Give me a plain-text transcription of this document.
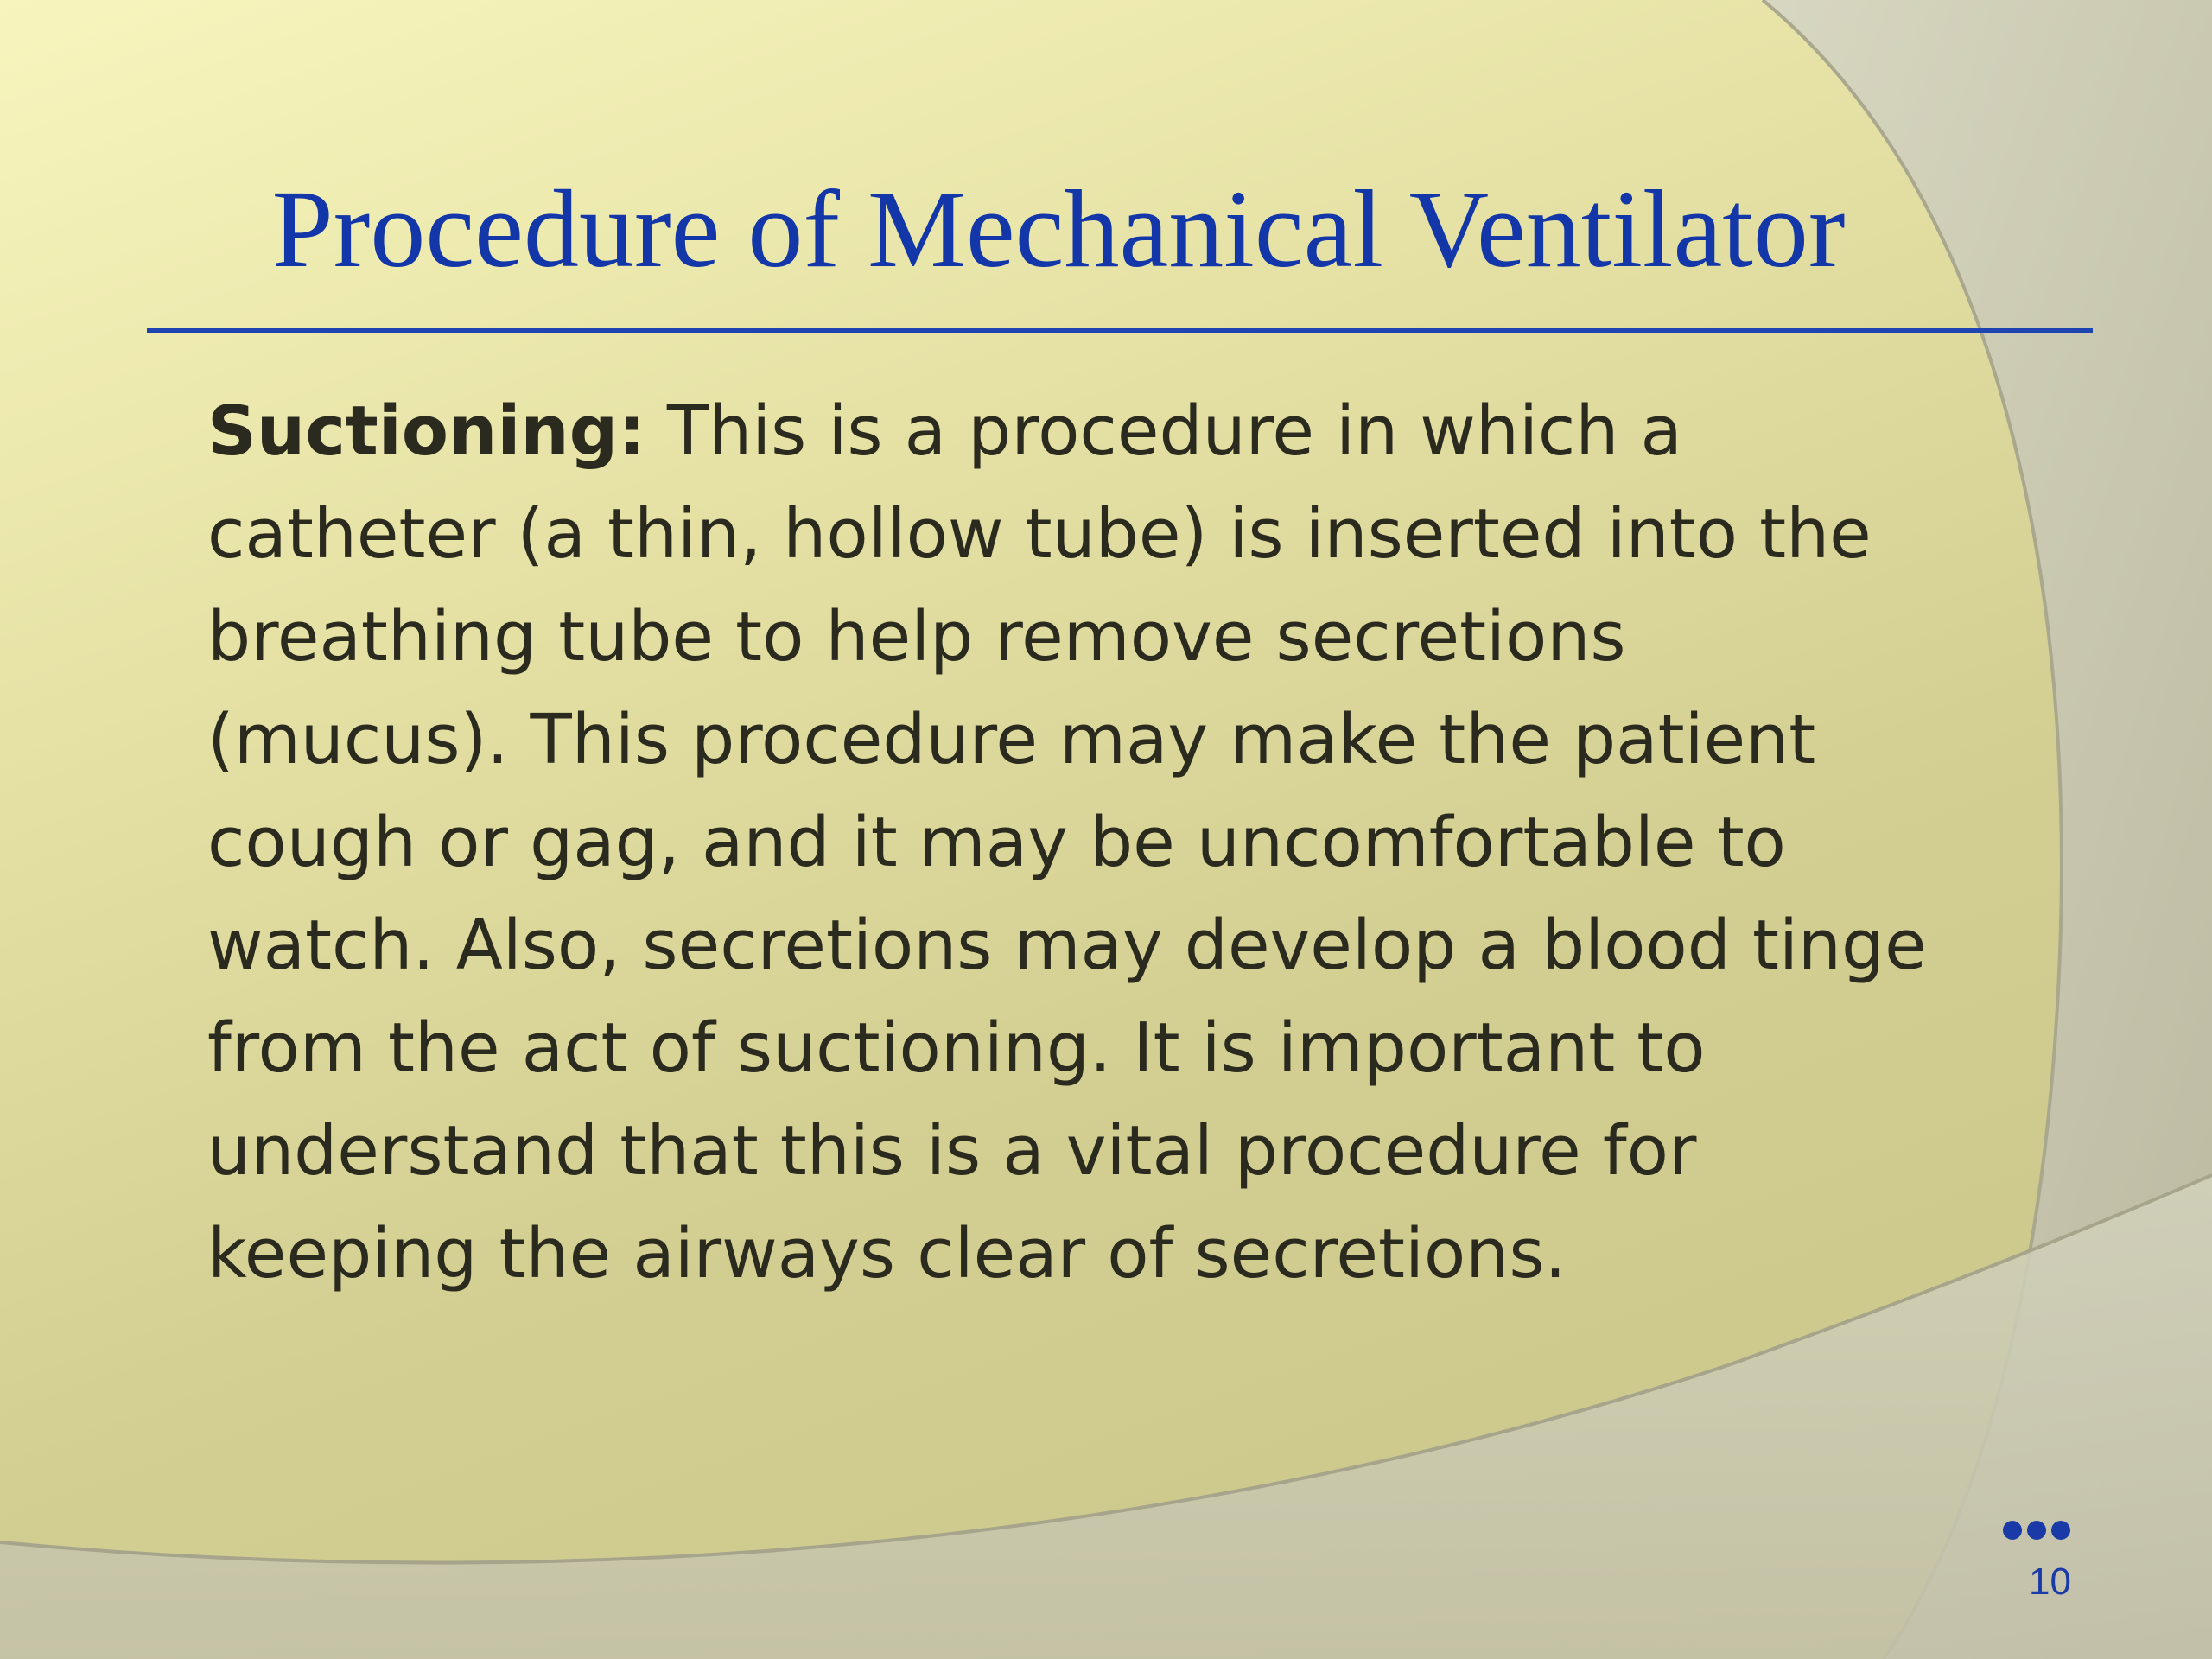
Procedure of Mechanical Ventilator

Suctioning: This is a procedure in which a
catheter (a thin, hollow tube) is inserted into the
breathing tube to help remove secretions
(mucus). This procedure may make the patient
cough or gag, and it may be uncomfortable to
watch. Also, secretions may develop a blood tinge
from the act of suctioning. It is important to
understand that this is a vital procedure for
keeping the airways clear of secretions.

10
